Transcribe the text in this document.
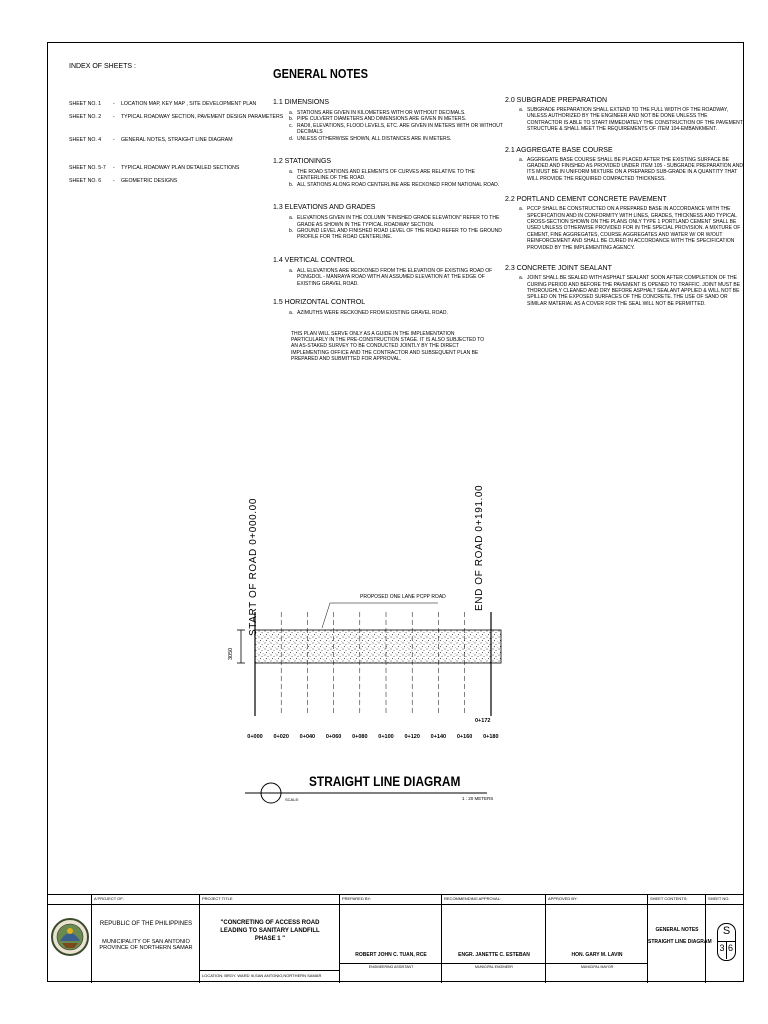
INDEX OF SHEETS :
SHEET NO. 1 - LOCATION MAP, KEY MAP , SITE DEVELOPMENT PLAN
SHEET NO. 2 - TYPICAL ROADWAY SECTION, PAVEMENT DESIGN PARAMETERS
SHEET NO. 4 - GENERAL NOTES, STRAIGHT LINE DIAGRAM
SHEET NO. 5-7 - TYPICAL ROADWAY PLAN DETAILED SECTIONS
SHEET NO. 6 - GEOMETRIC DESIGNS
GENERAL NOTES
1.1 DIMENSIONS
a. STATIONS ARE GIVEN IN KILOMETERS WITH OR WITHOUT DECIMALS.
b. PIPE CULVERT DIAMETERS AND DIMENSIONS ARE GIVEN IN METERS.
c. RADII, ELEVATIONS, FLOOD LEVELS, ETC. ARE GIVEN IN METERS WITH OR WITHOUT DECIMALS
d. UNLESS OTHERWISE SHOWN, ALL DISTANCES ARE IN METERS.
1.2 STATIONINGS
a. THE ROAD STATIONS AND ELEMENTS OF CURVES ARE RELATIVE TO THE CENTERLINE OF THE ROAD.
b. ALL STATIONS ALONG ROAD CENTERLINE ARE RECKONED FROM NATIONAL ROAD.
1.3 ELEVATIONS AND GRADES
a. ELEVATIONS GIVEN IN THE COLUMN "FINISHED GRADE ELEVATION" REFER TO THE GRADE AS SHOWN IN THE TYPICAL ROADWAY SECTION.
b. GROUND LEVEL AND FINISHED ROAD LEVEL OF THE ROAD REFER TO THE GROUND PROFILE FOR THE ROAD CENTERLINE.
1.4 VERTICAL CONTROL
a. ALL ELEVATIONS ARE RECKONED FROM THE ELEVATION OF EXISTING ROAD OF PONGDOL - MANRAYA ROAD WITH AN ASSUMED ELEVATION AT THE EDGE OF EXISTING GRAVEL ROAD.
1.5 HORIZONTAL CONTROL
a. AZIMUTHS WERE RECKONED FROM EXISTING GRAVEL ROAD.
THIS PLAN WILL SERVE ONLY AS A GUIDE IN THE IMPLEMENTATION PARTICULARLY IN THE PRE-CONSTRUCTION STAGE. IT IS ALSO SUBJECTED TO AN AS-STAKED SURVEY TO BE CONDUCTED JOINTLY BY THE DIRECT IMPLEMENTING OFFICE AND THE CONTRACTOR AND SUBSEQUENT PLAN BE PREPARED AND SUBMITTED FOR APPROVAL.
2.0 SUBGRADE PREPARATION
a. SUBGRADE PREPARATION SHALL EXTEND TO THE FULL WIDTH OF THE ROADWAY, UNLESS AUTHORIZED BY THE ENGINEER AND NOT BE DONE UNLESS THE CONTRACTOR IS ABLE TO START IMMEDIATELY THE CONSTRUCTION OF THE PAVEMENT STRUCTURE & SHALL MEET THE REQUIREMENTS OF ITEM 104-EMBANKMENT.
2.1 AGGREGATE BASE COURSE
a. AGGREGATE BASE COURSE SHALL BE PLACED AFTER THE EXISTING SURFACE BE GRADED AND FINISHED AS PROVIDED UNDER ITEM 105 - SUBGRADE PREPARATION AND ITS MUST BE IN UNIFORM MIXTURE ON A PREPARED SUB-GRADE IN A QUANTITY THAT WILL PROVIDE THE REQUIRED COMPACTED THICKNESS.
2.2 PORTLAND CEMENT CONCRETE PAVEMENT
a. PCCP SHALL BE CONSTRUCTED ON A PREPARED BASE IN ACCORDANCE WITH THE SPECIFICATION AND IN CONFORMITY WITH LINES, GRADES, THICKNESS AND TYPICAL CROSS-SECTION SHOWN ON THE PLANS ONLY TYPE 1 PORTLAND CEMENT SHALL BE USED UNLESS OTHERWISE PROVIDED FOR IN THE SPECIAL PROVISION. A MIXTURE OF CEMENT, FINE AGGREGATES, COURSE AGGREGATES AND WATER W/ OR W/OUT REINFORCEMENT AND SHALL BE CURED IN ACCORDANCE WITH THE SPECIFICATION PROVIDED BY THE IMPLEMENTING AGENCY.
2.3 CONCRETE JOINT SEALANT
a. JOINT SHALL BE SEALED WITH ASPHALT SEALANT SOON AFTER COMPLETION OF THE CURING PERIOD AND BEFORE THE PAVEMENT IS OPENED TO TRAFFIC. JOINT MUST BE THOROUGHLY CLEANED AND DRY BEFORE ASPHALT SEALANT APPLIED & WILL NOT BE SPILLED ON THE EXPOSED SURFACES OF THE CONCRETE. THE USE OF SAND OR SIMILAR MATERIAL AS A COVER FOR THE SEAL WILL NOT BE PERMITTED.
0+000 0+020 0+040 0+060 0+080 0+100 0+120 0+140 0+160 0+180
START OF ROAD 0+000.00	END OF ROAD 0+191.00
PROPOSED ONE LANE PCPP ROAD
3050
0+172
STRAIGHT LINE DIAGRAM
SCALE:	1 : 20 METERS
A PROJECT OF:
REPUBLIC OF THE PHILIPPINES
MUNICIPALITY OF SAN ANTONIO
PROVINCE OF NORTHERN SAMAR
PROJECT TITLE
"CONCRETING OF ACCESS ROAD LEADING TO SANITARY LANDFILL PHASE 1 "
LOCATION: BRGY. WARD III,SAN ANTONIO,NORTHERN SAMAR
PREPARED BY:
ROBERT JOHN C. TUAN, RCE
ENGINEERING ASSISTANT
RECOMMENDING APPROVAL:
ENGR. JANETTE C. ESTEBAN
MUNICIPAL ENGINEER
APPROVED BY:
HON. GARY M. LAVIN
MUNICIPAL MAYOR
SHEET CONTENTS:
GENERAL NOTES
STRAIGHT LINE DIAGRAM
SHEET NO.
S
3 6
